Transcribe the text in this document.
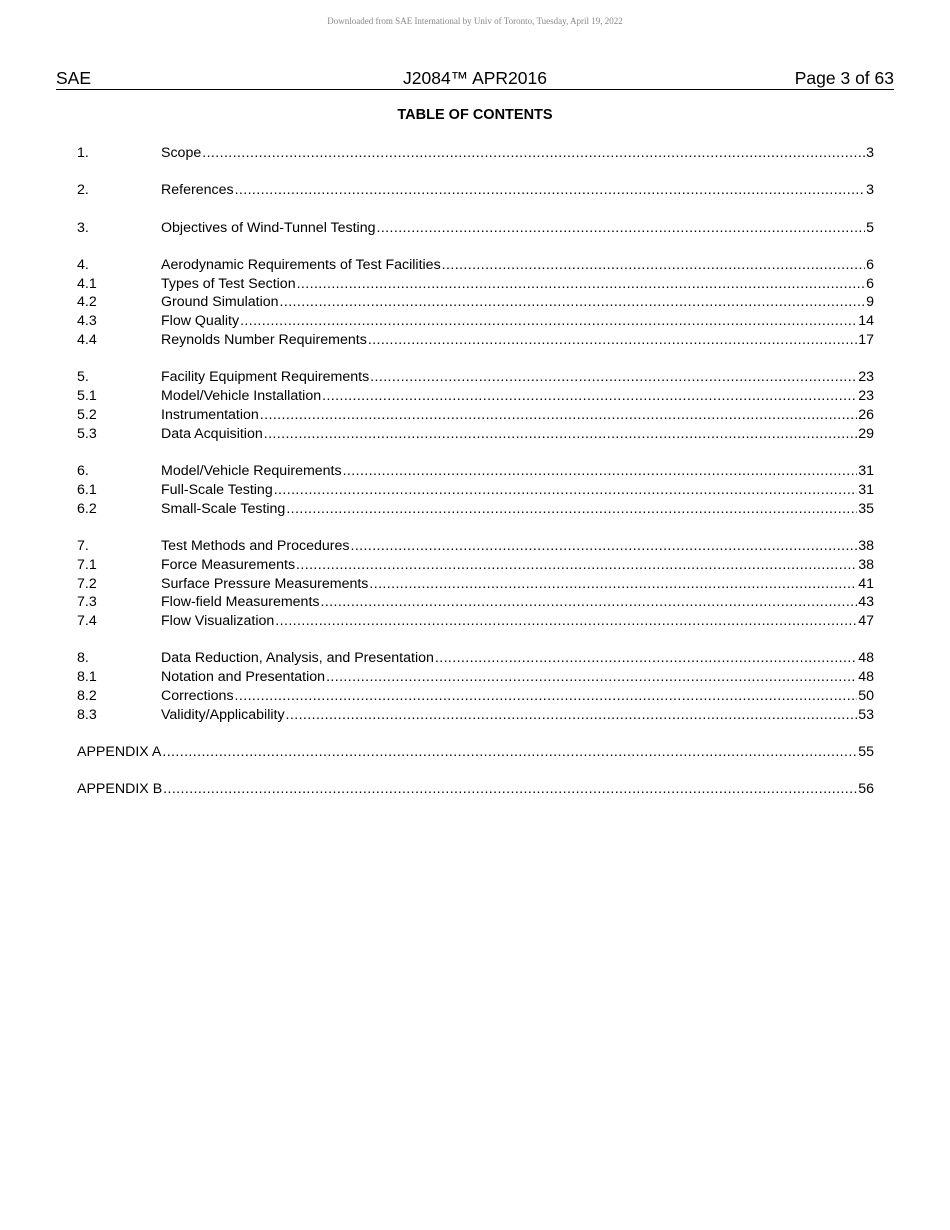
Downloaded from SAE International by Univ of Toronto, Tuesday, April 19, 2022
SAE	J2084™ APR2016	Page 3 of 63
TABLE OF CONTENTS
1.	Scope .....	3
2.	References .....	3
3.	Objectives of Wind-Tunnel Testing .....	5
4.	Aerodynamic Requirements of Test Facilities .....	6
4.1	Types of Test Section .....	6
4.2	Ground Simulation .....	9
4.3	Flow Quality .....	14
4.4	Reynolds Number Requirements .....	17
5.	Facility Equipment Requirements .....	23
5.1	Model/Vehicle Installation .....	23
5.2	Instrumentation .....	26
5.3	Data Acquisition .....	29
6.	Model/Vehicle Requirements .....	31
6.1	Full-Scale Testing .....	31
6.2	Small-Scale Testing .....	35
7.	Test Methods and Procedures .....	38
7.1	Force Measurements .....	38
7.2	Surface Pressure Measurements .....	41
7.3	Flow-field Measurements .....	43
7.4	Flow Visualization .....	47
8.	Data Reduction, Analysis, and Presentation .....	48
8.1	Notation and Presentation .....	48
8.2	Corrections .....	50
8.3	Validity/Applicability .....	53
APPENDIX A .....	55
APPENDIX B .....	56
